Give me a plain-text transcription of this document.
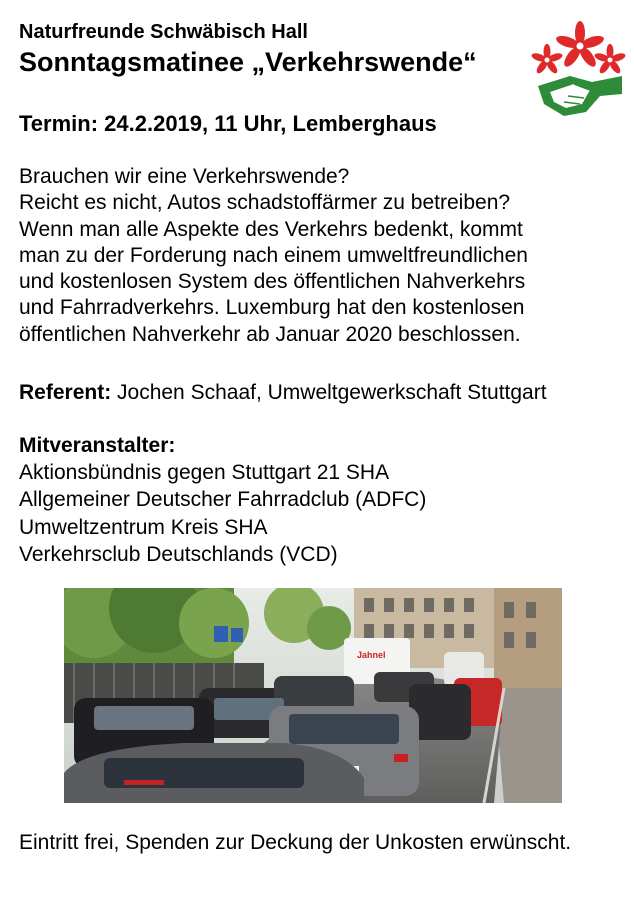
Naturfreunde Schwäbisch Hall
Sonntagsmatinee „Verkehrswende“
Termin: 24.2.2019, 11 Uhr, Lemberghaus
Brauchen wir eine Verkehrswende?
Reicht es nicht, Autos schadstoffärmer zu betreiben?
Wenn man alle Aspekte des Verkehrs bedenkt, kommt
man zu der Forderung nach einem umweltfreundlichen
und kostenlosen System des öffentlichen Nahverkehrs
und Fahrradverkehrs. Luxemburg hat den kostenlosen
öffentlichen Nahverkehr ab Januar 2020 beschlossen.
Referent: Jochen Schaaf, Umweltgewerkschaft Stuttgart
Mitveranstalter:
Aktionsbündnis gegen Stuttgart 21 SHA
Allgemeiner Deutscher Fahrradclub (ADFC)
Umweltzentrum Kreis SHA
Verkehrsclub Deutschlands (VCD)
Jahnel
Eintritt frei, Spenden zur Deckung der Unkosten erwünscht.
